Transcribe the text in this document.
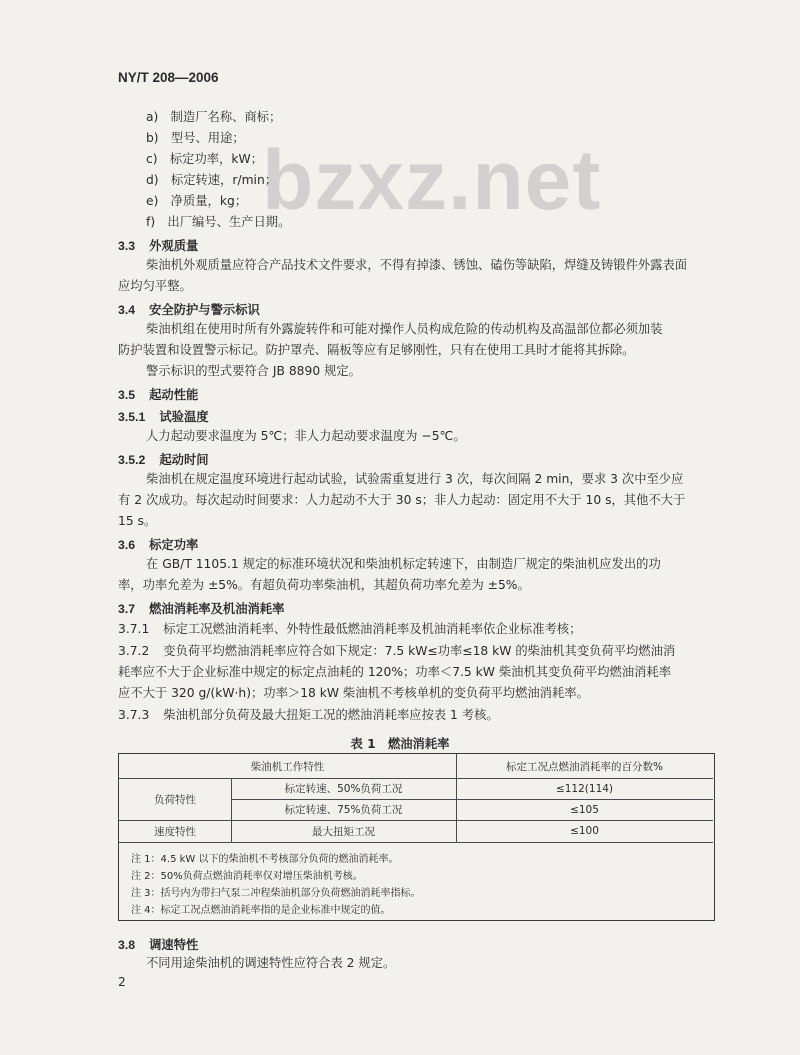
bzxz.net
NY/T 208—2006
a)　制造厂名称、商标；
b)　型号、用途；
c)　标定功率，kW；
d)　标定转速，r/min；
e)　净质量，kg；
f)　出厂编号、生产日期。
3.3 外观质量
柴油机外观质量应符合产品技术文件要求，不得有掉漆、锈蚀、磕伤等缺陷，焊缝及铸锻件外露表面
应均匀平整。
3.4 安全防护与警示标识
柴油机组在使用时所有外露旋转件和可能对操作人员构成危险的传动机构及高温部位都必须加装
防护装置和设置警示标记。防护罩壳、隔板等应有足够刚性，只有在使用工具时才能将其拆除。
警示标识的型式要符合 JB 8890 规定。
3.5 起动性能
3.5.1 试验温度
人力起动要求温度为 5℃；非人力起动要求温度为 −5℃。
3.5.2 起动时间
柴油机在规定温度环境进行起动试验，试验需重复进行 3 次，每次间隔 2 min，要求 3 次中至少应
有 2 次成功。每次起动时间要求：人力起动不大于 30 s；非人力起动：固定用不大于 10 s，其他不大于
15 s。
3.6 标定功率
在 GB/T 1105.1 规定的标准环境状况和柴油机标定转速下，由制造厂规定的柴油机应发出的功
率，功率允差为 ±5%。有超负荷功率柴油机，其超负荷功率允差为 ±5%。
3.7 燃油消耗率及机油消耗率
3.7.1 标定工况燃油消耗率、外特性最低燃油消耗率及机油消耗率依企业标准考核；
3.7.2 变负荷平均燃油消耗率应符合如下规定：7.5 kW≤功率≤18 kW 的柴油机其变负荷平均燃油消
耗率应不大于企业标准中规定的标定点油耗的 120%；功率＜7.5 kW 柴油机其变负荷平均燃油消耗率
应不大于 320 g/(kW·h)；功率＞18 kW 柴油机不考核单机的变负荷平均燃油消耗率。
3.7.3 柴油机部分负荷及最大扭矩工况的燃油消耗率应按表 1 考核。
表 1　燃油消耗率
柴油机工作特性	标定工况点燃油消耗率的百分数%
负荷特性
速度特性
标定转速、50%负荷工况
标定转速、75%负荷工况
最大扭矩工况
≤112(114)
≤105
≤100
注 1：4.5 kW 以下的柴油机不考核部分负荷的燃油消耗率。
注 2：50%负荷点燃油消耗率仅对增压柴油机考核。
注 3：括号内为带扫气泵二冲程柴油机部分负荷燃油消耗率指标。
注 4：标定工况点燃油消耗率指的是企业标准中规定的值。
3.8 调速特性
不同用途柴油机的调速特性应符合表 2 规定。
2
